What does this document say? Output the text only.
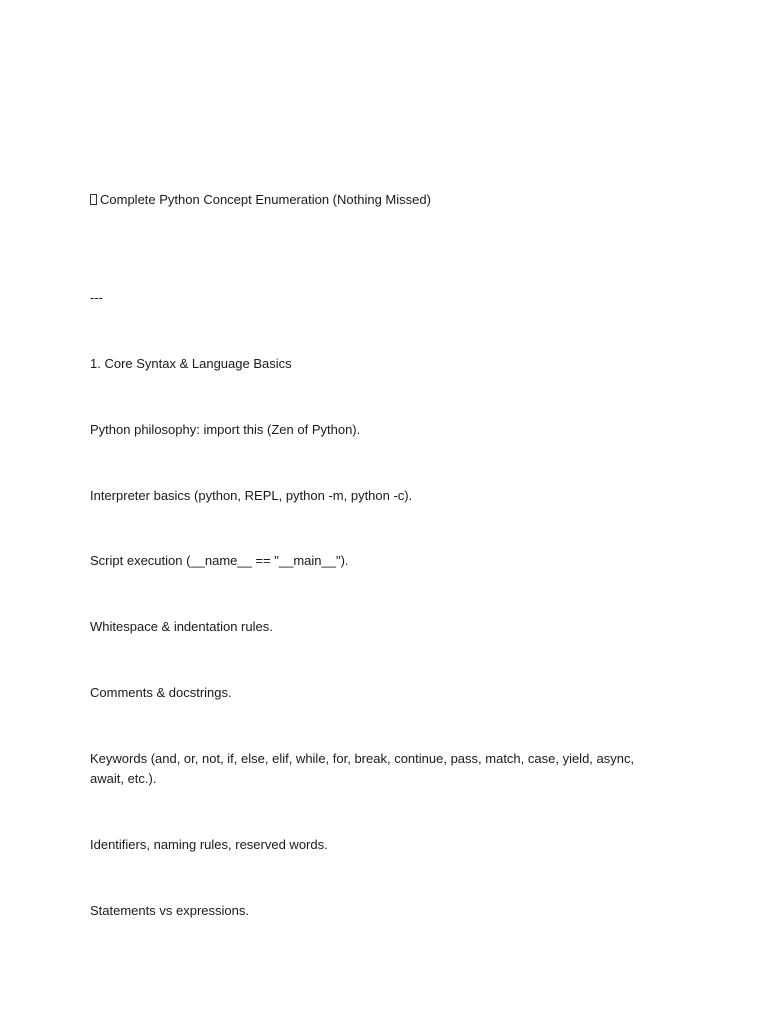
Complete Python Concept Enumeration (Nothing Missed)

---

1. Core Syntax & Language Basics

Python philosophy: import this (Zen of Python).

Interpreter basics (python, REPL, python -m, python -c).

Script execution (__name__ == "__main__").

Whitespace & indentation rules.

Comments & docstrings.

Keywords (and, or, not, if, else, elif, while, for, break, continue, pass, match, case, yield, async, await, etc.).

Identifiers, naming rules, reserved words.

Statements vs expressions.
